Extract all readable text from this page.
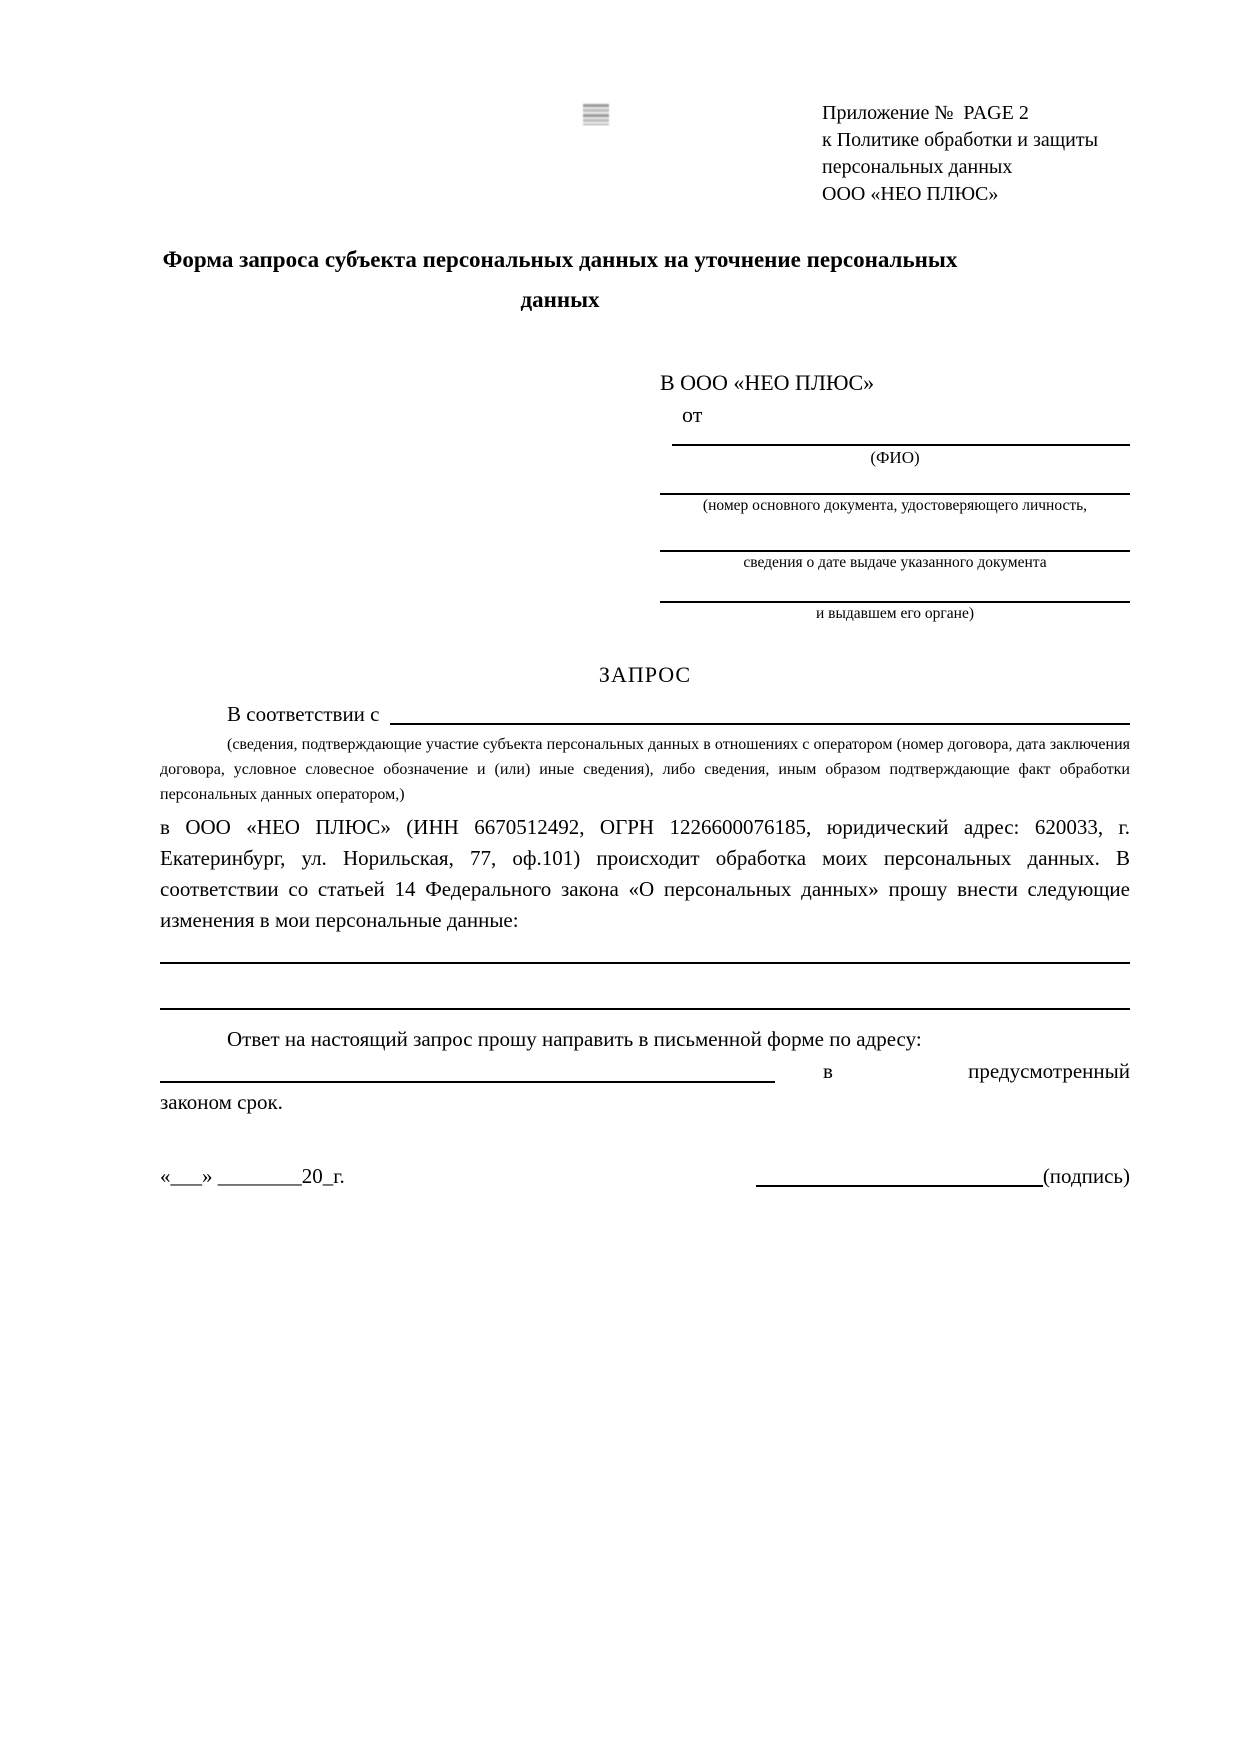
Приложение №  PAGE 2
к Политике обработки и защиты
персональных данных
ООО «НЕО ПЛЮС»
Форма запроса субъекта персональных данных на уточнение персональных данных
В ООО «НЕО ПЛЮС»
от
(ФИО)
(номер основного документа, удостоверяющего личность,
сведения о дате выдаче указанного документа
и выдавшем его органе)
ЗАПРОС
В соответствии с
(сведения, подтверждающие участие субъекта персональных данных в отношениях с оператором (номер договора, дата заключения договора, условное словесное обозначение и (или) иные сведения), либо сведения, иным образом подтверждающие факт обработки персональных данных оператором,)
в ООО «НЕО ПЛЮС» (ИНН 6670512492, ОГРН 1226600076185, юридический адрес: 620033, г. Екатеринбург, ул. Норильская, 77, оф.101) происходит обработка моих персональных данных. В соответствии со статьей 14 Федерального закона «О персональных данных» прошу внести следующие изменения в мои персональные данные:
Ответ на настоящий запрос прошу направить в письменной форме по адресу:
в	предусмотренный
законом срок.
«___» ________20_г.	(подпись)
